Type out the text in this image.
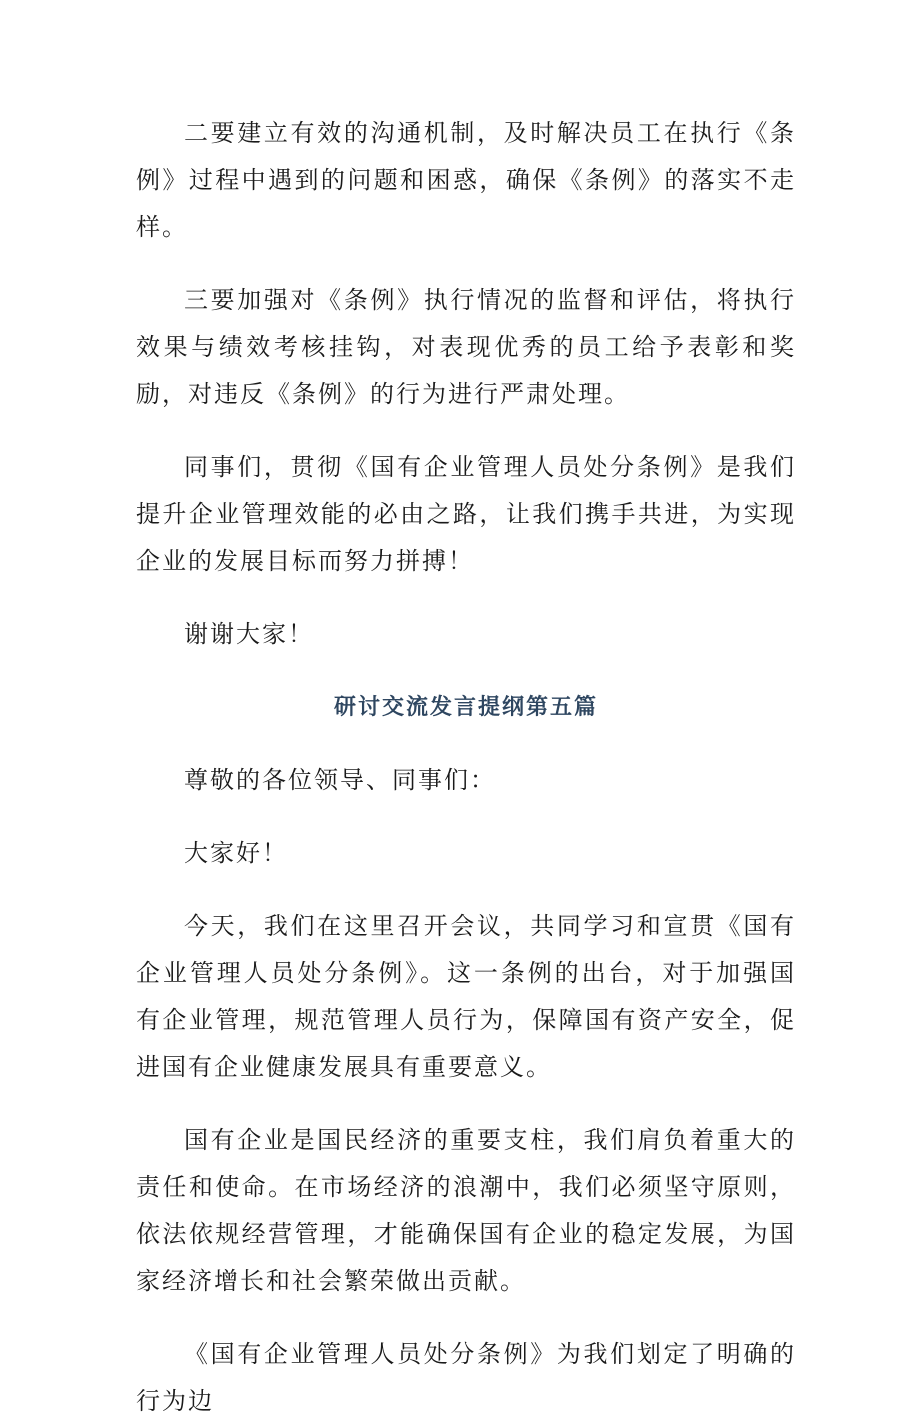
二要建立有效的沟通机制，及时解决员工在执行《条例》过程中遇到的问题和困惑，确保《条例》的落实不走样。

三要加强对《条例》执行情况的监督和评估，将执行效果与绩效考核挂钩，对表现优秀的员工给予表彰和奖励，对违反《条例》的行为进行严肃处理。

同事们，贯彻《国有企业管理人员处分条例》是我们提升企业管理效能的必由之路，让我们携手共进，为实现企业的发展目标而努力拼搏！

谢谢大家！

研讨交流发言提纲第五篇

尊敬的各位领导、同事们：

大家好！

今天，我们在这里召开会议，共同学习和宣贯《国有企业管理人员处分条例》。这一条例的出台，对于加强国有企业管理，规范管理人员行为，保障国有资产安全，促进国有企业健康发展具有重要意义。

国有企业是国民经济的重要支柱，我们肩负着重大的责任和使命。在市场经济的浪潮中，我们必须坚守原则，依法依规经营管理，才能确保国有企业的稳定发展，为国家经济增长和社会繁荣做出贡献。

《国有企业管理人员处分条例》为我们划定了明确的行为边
